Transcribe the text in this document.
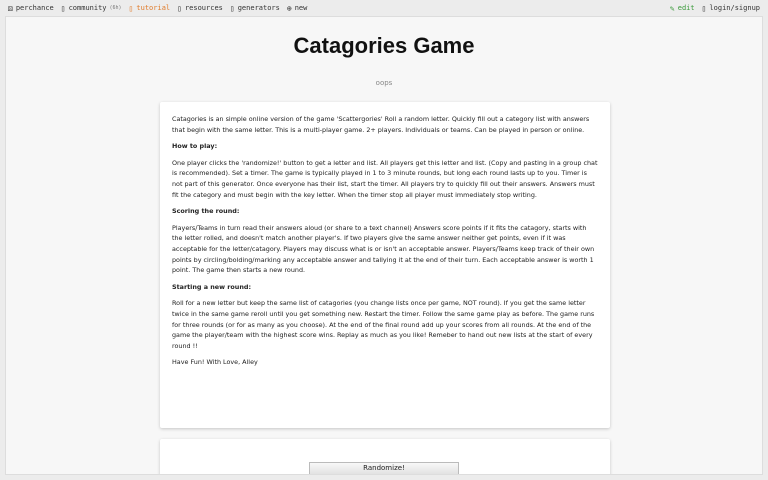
⚄ perchance ▯ community (6h) ▯ tutorial ▯ resources ▯ generators ⊕ new	✎ edit ▯ login/signup
Catagories Game
oops

Catagories is an simple online version of the game 'Scattergories' Roll a random letter. Quickly fill out a category list with answers that begin with the same letter. This is a multi-player game. 2+ players. Individuals or teams. Can be played in person or online.

How to play:

One player clicks the 'randomize!' button to get a letter and list. All players get this letter and list. (Copy and pasting in a group chat is recommended). Set a timer. The game is typically played in 1 to 3 minute rounds, but long each round lasts up to you. Timer is not part of this generator. Once everyone has their list, start the timer. All players try to quickly fill out their answers. Answers must fit the category and must begin with the key letter. When the timer stop all player must immediately stop writing.

Scoring the round:

Players/Teams in turn read their answers aloud (or share to a text channel) Answers score points if it fits the catagory, starts with the letter rolled, and doesn't match another player's. If two players give the same answer neither get points, even if it was acceptable for the letter/catagory. Players may discuss what is or isn't an acceptable answer. Players/Teams keep track of their own points by circling/bolding/marking any acceptable answer and tallying it at the end of their turn. Each acceptable answer is worth 1 point. The game then starts a new round.

Starting a new round:

Roll for a new letter but keep the same list of catagories (you change lists once per game, NOT round). If you get the same letter twice in the same game reroll until you get something new. Restart the timer. Follow the same game play as before. The game runs for three rounds (or for as many as you choose). At the end of the final round add up your scores from all rounds. At the end of the game the player/team with the highest score wins. Replay as much as you like! Remeber to hand out new lists at the start of every round !!

Have Fun! With Love, Alley

Randomize!
